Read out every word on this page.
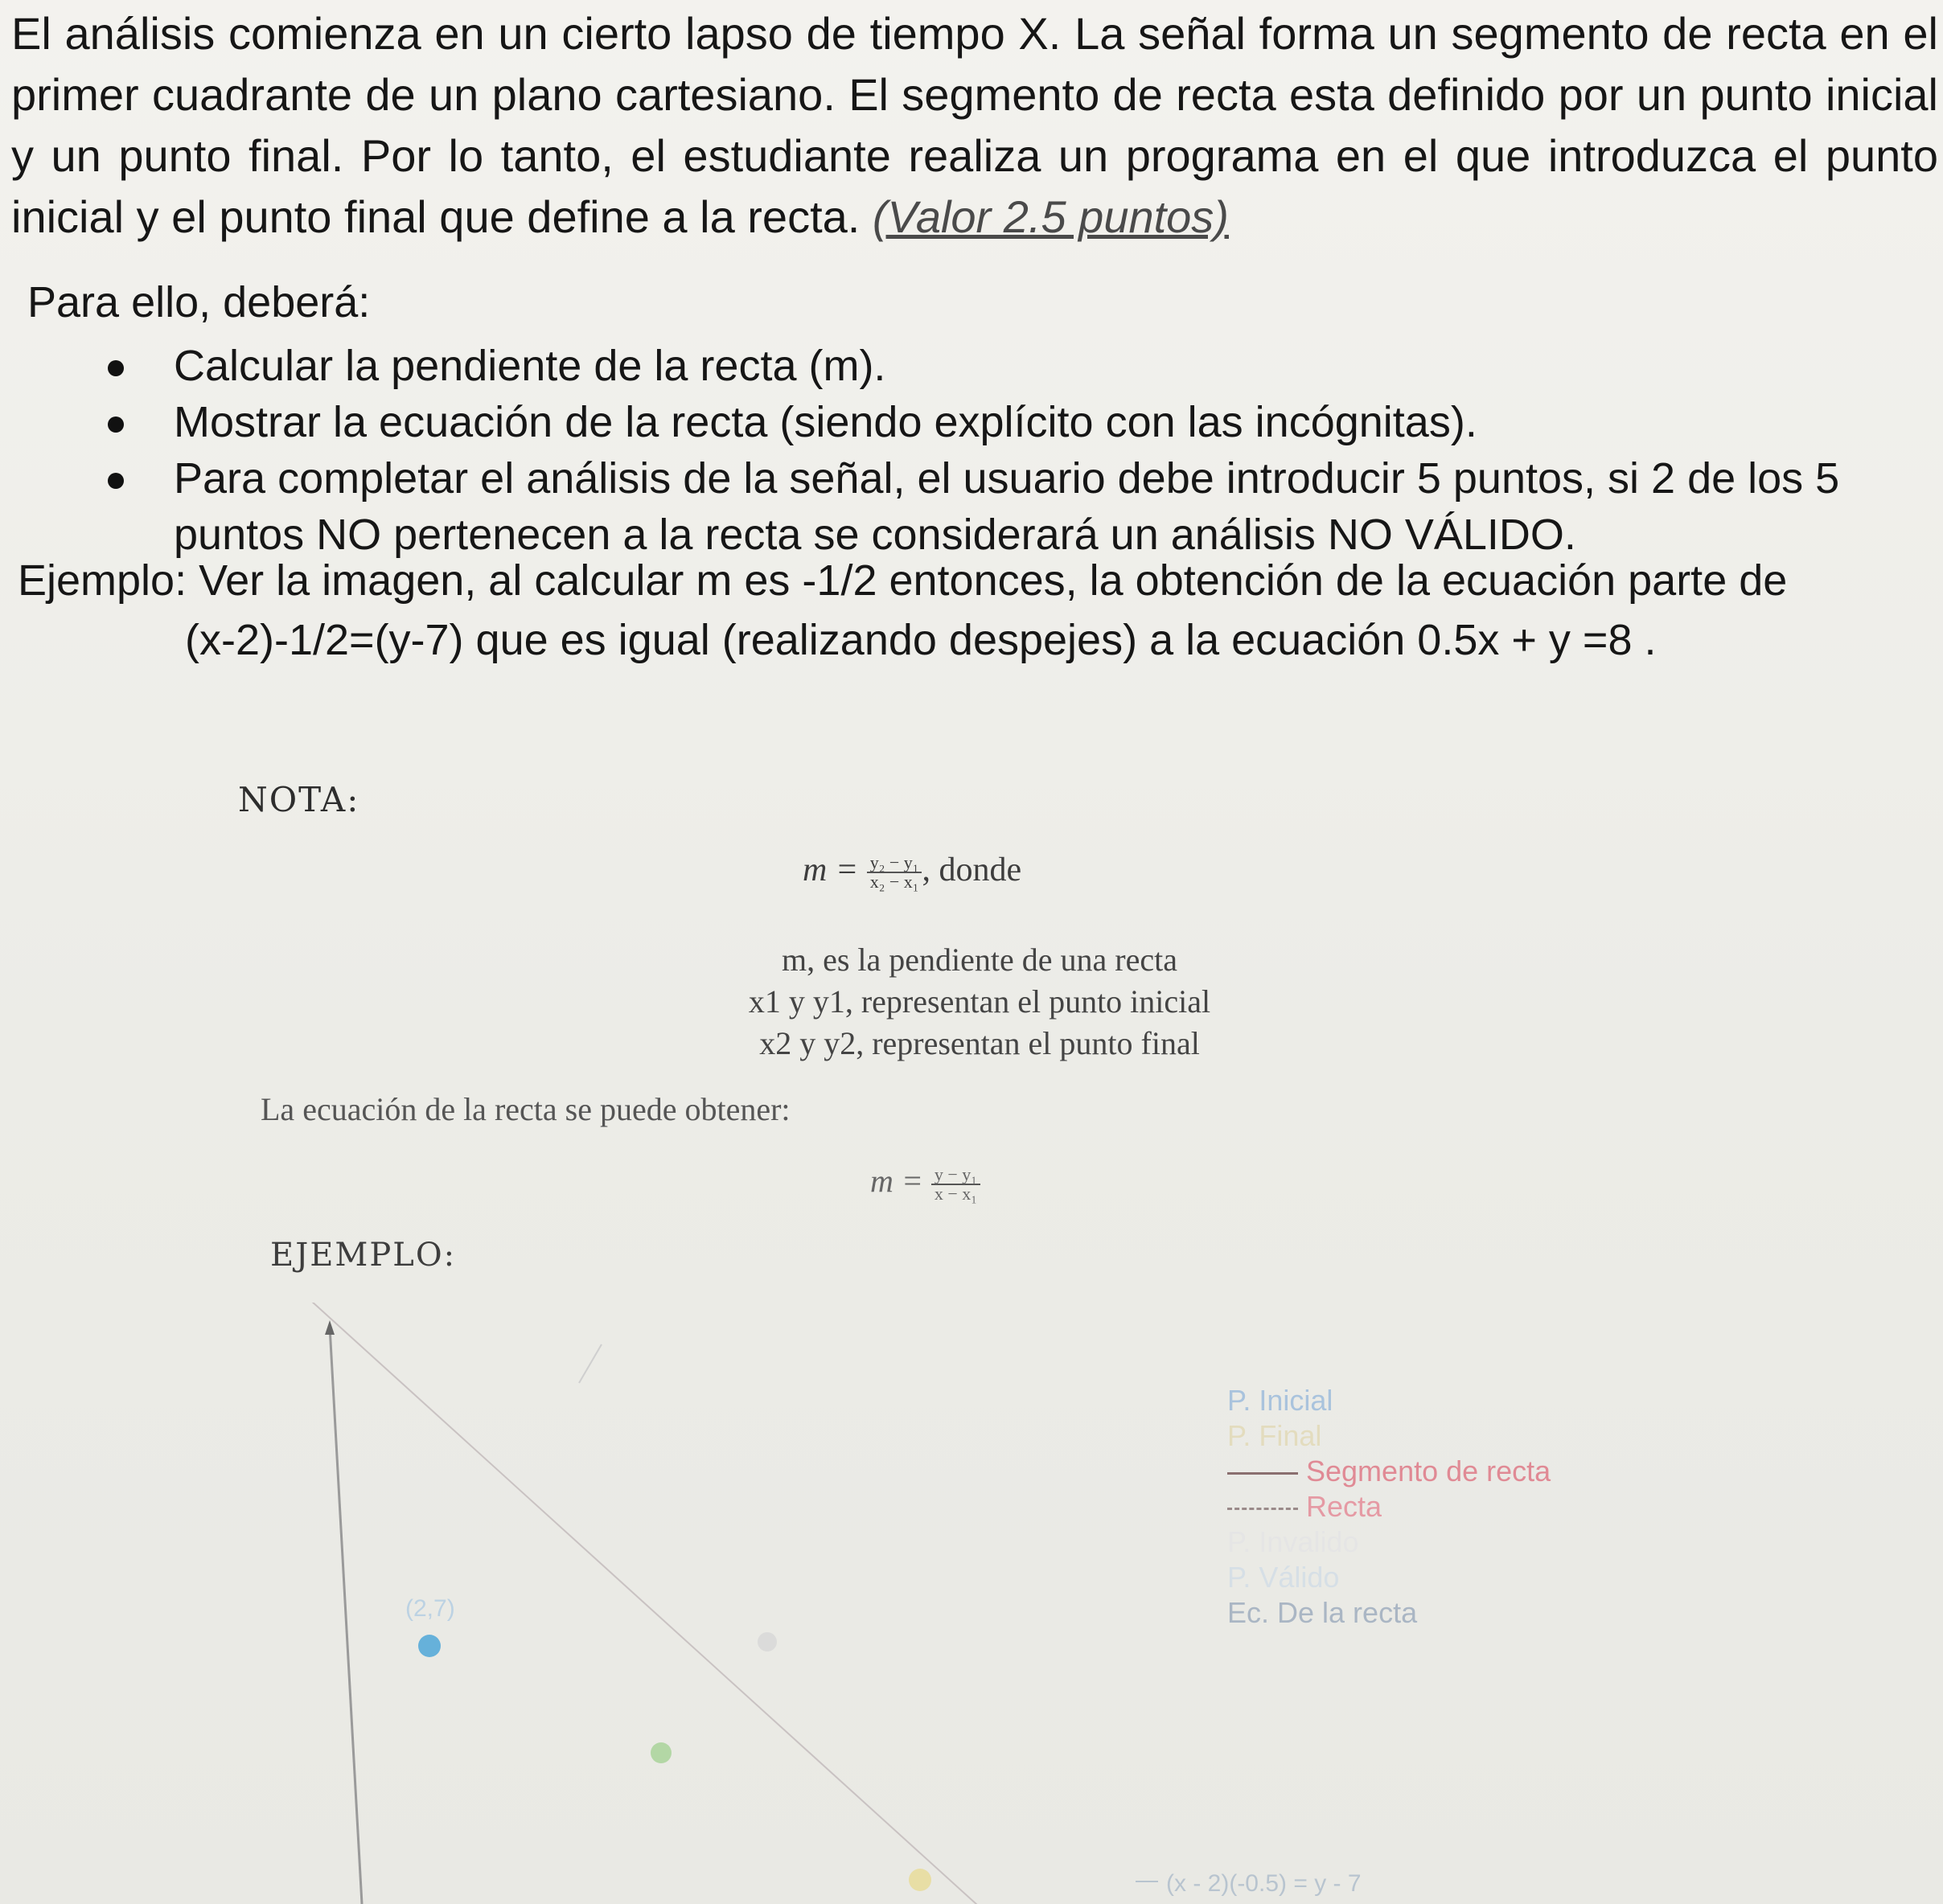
El análisis comienza en un cierto lapso de tiempo X. La señal forma un segmento de recta en el primer cuadrante de un plano cartesiano. El segmento de recta esta definido por un punto inicial y un punto final. Por lo tanto, el estudiante realiza un programa en el que introduzca el punto inicial y el punto final que define a la recta. (Valor 2.5 puntos)
Para ello, deberá:
Calcular la pendiente de la recta (m).
Mostrar la ecuación de la recta (siendo explícito con las incógnitas).
Para completar el análisis de la señal, el usuario debe introducir 5 puntos, si 2 de los 5 puntos NO pertenecen a la recta se considerará un análisis NO VÁLIDO.
Ejemplo: Ver la imagen, al calcular m es -1/2 entonces, la obtención de la ecuación parte de
(x-2)-1/2=(y-7) que es igual (realizando despejes) a la ecuación 0.5x + y =8 .
NOTA:
$m = \frac{\text{y₂ − y₁}}{\text{x₂ − x₁}}$ , donde
m, es la pendiente de una recta
x1 y y1, representan el punto inicial
x2 y y2, representan el punto final
La ecuación de la recta se puede obtener:
$m = \frac{\text{y − y₁}}{\text{x − x₁}}$
EJEMPLO:
(2,7)
(x - 2)(-0.5) = y - 7
P. Inicial
P. Final
Segmento de recta
Recta
P. Invalido
P. Válido
Ec. De la recta
